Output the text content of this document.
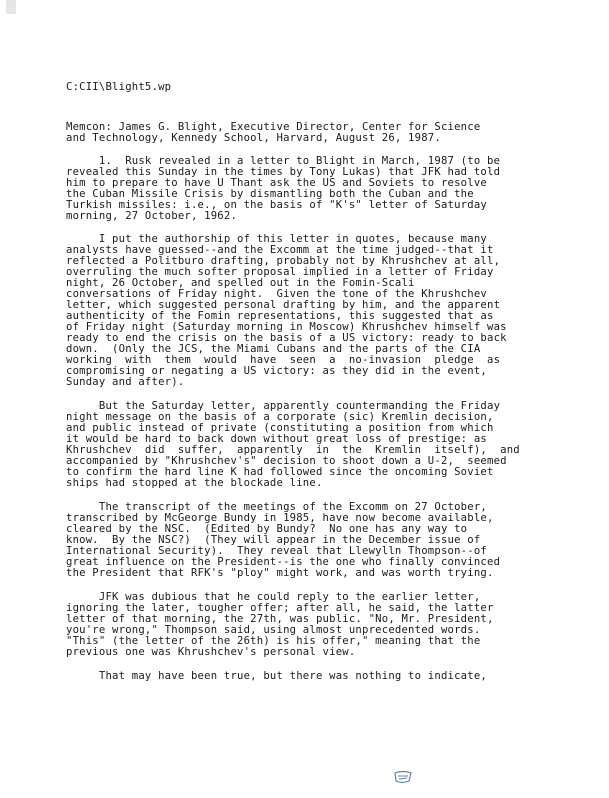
C:CII\Blight5.wp
Memcon: James G. Blight, Executive Director, Center for Science
and Technology, Kennedy School, Harvard, August 26, 1987.
1.  Rusk revealed in a letter to Blight in March, 1987 (to be
revealed this Sunday in the times by Tony Lukas) that JFK had told
him to prepare to have U Thant ask the US and Soviets to resolve
the Cuban Missile Crisis by dismantling both the Cuban and the
Turkish missiles: i.e., on the basis of "K's" letter of Saturday
morning, 27 October, 1962.
I put the authorship of this letter in quotes, because many
analysts have guessed--and the Excomm at the time judged--that it
reflected a Politburo drafting, probably not by Khrushchev at all,
overruling the much softer proposal implied in a letter of Friday
night, 26 October, and spelled out in the Fomin-Scali
conversations of Friday night.  Given the tone of the Khrushchev
letter, which suggested personal drafting by him, and the apparent
authenticity of the Fomin representations, this suggested that as
of Friday night (Saturday morning in Moscow) Khrushchev himself was
ready to end the crisis on the basis of a US victory: ready to back
down.  (Only the JCS, the Miami Cubans and the parts of the CIA
working  with  them  would  have  seen  a  no-invasion  pledge  as
compromising or negating a US victory: as they did in the event,
Sunday and after).
But the Saturday letter, apparently countermanding the Friday
night message on the basis of a corporate (sic) Kremlin decision,
and public instead of private (constituting a position from which
it would be hard to back down without great loss of prestige: as
Khrushchev  did  suffer,  apparently  in  the  Kremlin  itself),  and
accompanied by "Khrushchev's" decision to shoot down a U-2,  seemed
to confirm the hard line K had followed since the oncoming Soviet
ships had stopped at the blockade line.
The transcript of the meetings of the Excomm on 27 October,
transcribed by McGeorge Bundy in 1985, have now become available,
cleared by the NSC.  (Edited by Bundy?  No one has any way to
know.  By the NSC?)  (They will appear in the December issue of
International Security).  They reveal that Llewylln Thompson--of
great influence on the President--is the one who finally convinced
the President that RFK's "ploy" might work, and was worth trying.
JFK was dubious that he could reply to the earlier letter,
ignoring the later, tougher offer; after all, he said, the latter
letter of that morning, the 27th, was public. "No, Mr. President,
you're wrong," Thompson said, using almost unprecedented words.
"This" (the letter of the 26th) is his offer," meaning that the
previous one was Khrushchev's personal view.
That may have been true, but there was nothing to indicate,
